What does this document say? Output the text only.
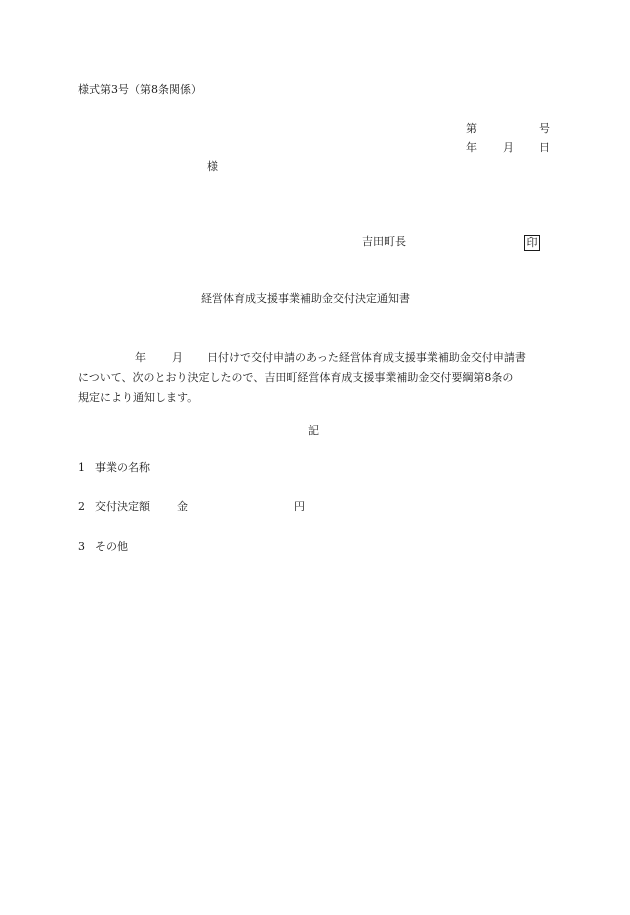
様式第3号（第8条関係）
第	号
年 月 日
様
吉田町長	印
経営体育成支援事業補助金交付決定通知書
年 月 日付けで交付申請のあった経営体育成支援事業補助金交付申請書
について、次のとおり決定したので、吉田町経営体育成支援事業補助金交付要綱第8条の
規定により通知します。
記
1 事業の名称
2 交付決定額 金	円
3 その他
